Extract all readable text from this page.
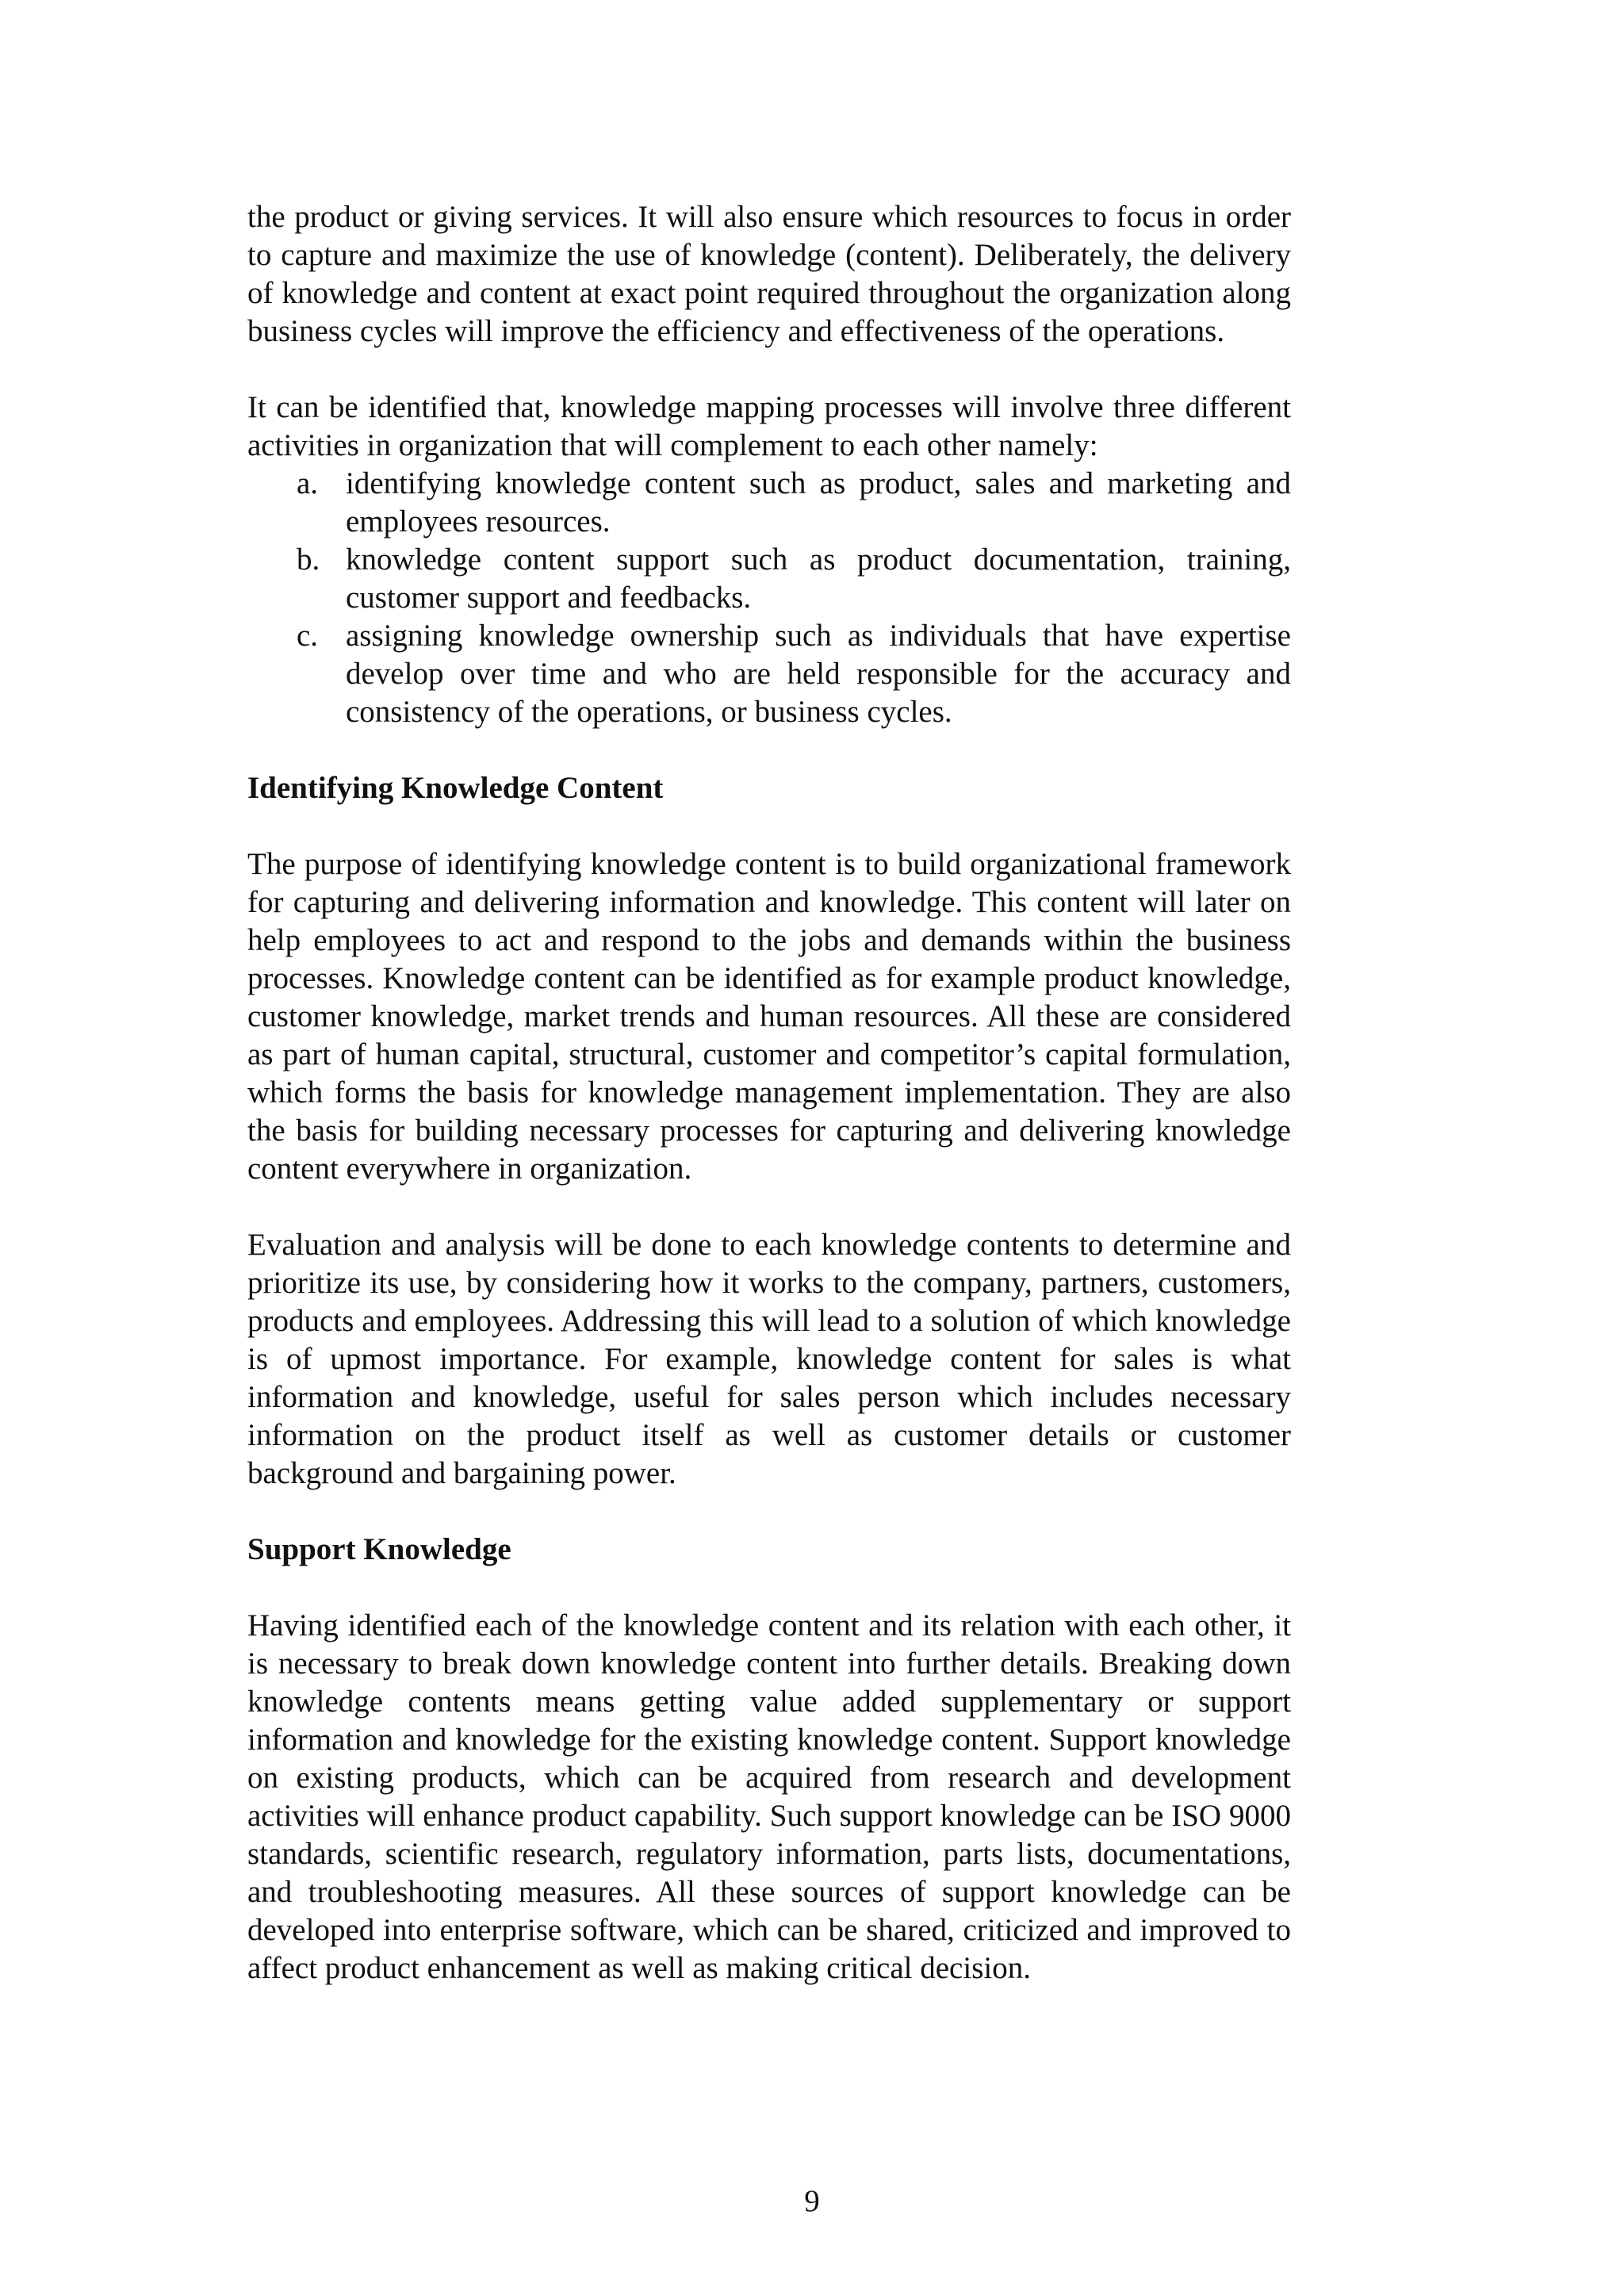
the product or giving services. It will also ensure which resources to focus in order to capture and maximize the use of knowledge (content). Deliberately, the delivery of knowledge and content at exact point required throughout the organization along business cycles will improve the efficiency and effectiveness of the operations.

It can be identified that, knowledge mapping processes will involve three different activities in organization that will complement to each other namely:

a. identifying knowledge content such as product, sales and marketing and employees resources.
b. knowledge content support such as product documentation, training, customer support and feedbacks.
c. assigning knowledge ownership such as individuals that have expertise develop over time and who are held responsible for the accuracy and consistency of the operations, or business cycles.
Identifying Knowledge Content

The purpose of identifying knowledge content is to build organizational framework for capturing and delivering information and knowledge. This content will later on help employees to act and respond to the jobs and demands within the business processes. Knowledge content can be identified as for example product knowledge, customer knowledge, market trends and human resources. All these are considered as part of human capital, structural, customer and competitor’s capital formulation, which forms the basis for knowledge management implementation. They are also the basis for building necessary processes for capturing and delivering knowledge content everywhere in organization.

Evaluation and analysis will be done to each knowledge contents to determine and prioritize its use, by considering how it works to the company, partners, customers, products and employees. Addressing this will lead to a solution of which knowledge is of upmost importance. For example, knowledge content for sales is what information and knowledge, useful for sales person which includes necessary information on the product itself as well as customer details or customer background and bargaining power.

Support Knowledge

Having identified each of the knowledge content and its relation with each other, it is necessary to break down knowledge content into further details. Breaking down knowledge contents means getting value added supplementary or support information and knowledge for the existing knowledge content. Support knowledge on existing products, which can be acquired from research and development activities will enhance product capability. Such support knowledge can be ISO 9000 standards, scientific research, regulatory information, parts lists, documentations, and troubleshooting measures. All these sources of support knowledge can be developed into enterprise software, which can be shared, criticized and improved to affect product enhancement as well as making critical decision.

9
